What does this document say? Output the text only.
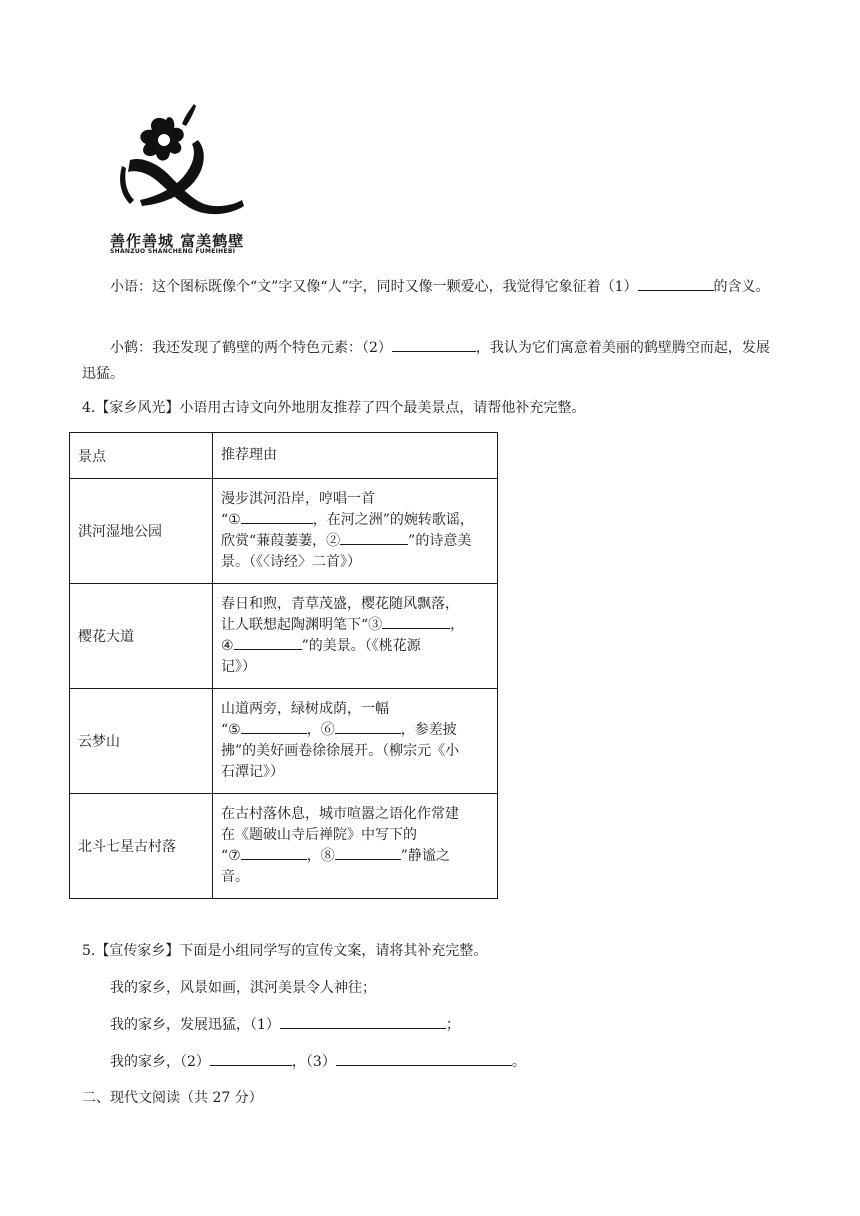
善作善城 富美鹤壁
SHANZUO SHANCHENG FUMEIHEBI
小语：这个图标既像个“文”字又像“人”字，同时又像一颗爱心，我觉得它象征着（1）	的含义。
小鹤：我还发现了鹤壁的两个特色元素：（2）	，我认为它们寓意着美丽的鹤壁腾空而起，发展迅猛。
4.【家乡风光】小语用古诗文向外地朋友推荐了四个最美景点，请帮他补充完整。
景点	推荐理由
淇河湿地公园	漫步淇河沿岸，哼唱一首
“① ，在河之洲”的婉转歌谣，
欣赏“蒹葭萋萋，② ”的诗意美
景。（《〈诗经〉二首》）

樱花大道	春日和煦，青草茂盛，樱花随风飘落，
让人联想起陶渊明笔下“③ ，
④ ”的美景。（《桃花源
记》）

云梦山	山道两旁，绿树成荫，一幅
“⑤ ，⑥ ，参差披
拂”的美好画卷徐徐展开。（柳宗元《小
石潭记》）

北斗七星古村落	在古村落休息，城市喧嚣之语化作常建
在《题破山寺后禅院》中写下的
“⑦ ，⑧ ”静谧之
音。
5.【宣传家乡】下面是小组同学写的宣传文案，请将其补充完整。
我的家乡，风景如画，淇河美景令人神往；
我的家乡，发展迅猛，（1）	；
我的家乡，（2）	，（3）	。
二、现代文阅读（共 27 分）
